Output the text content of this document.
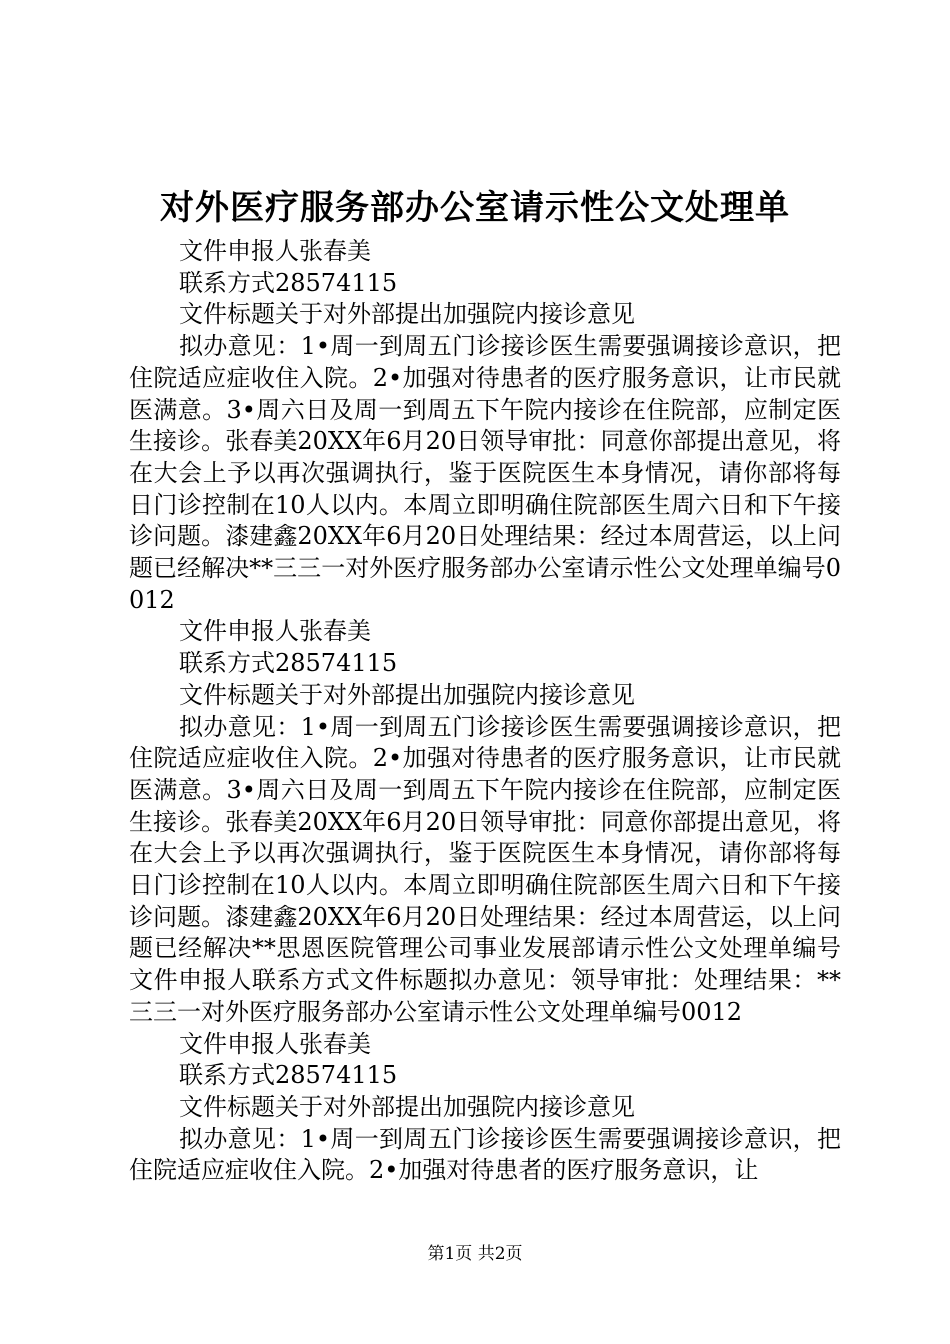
对外医疗服务部办公室请示性公文处理单

文件申报人张春美

联系方式28574115

文件标题关于对外部提出加强院内接诊意见

拟办意见：1•周一到周五门诊接诊医生需要强调接诊意识，把住院适应症收住入院。2•加强对待患者的医疗服务意识，让市民就医满意。3•周六日及周一到周五下午院内接诊在住院部，应制定医生接诊。张春美20XX年6月20日领导审批：同意你部提出意见，将在大会上予以再次强调执行，鉴于医院医生本身情况，请你部将每日门诊控制在10人以内。本周立即明确住院部医生周六日和下午接诊问题。漆建鑫20XX年6月20日处理结果：经过本周营运，以上问题已经解决**三三一对外医疗服务部办公室请示性公文处理单编号0012

文件申报人张春美

联系方式28574115

文件标题关于对外部提出加强院内接诊意见

拟办意见：1•周一到周五门诊接诊医生需要强调接诊意识，把住院适应症收住入院。2•加强对待患者的医疗服务意识，让市民就医满意。3•周六日及周一到周五下午院内接诊在住院部，应制定医生接诊。张春美20XX年6月20日领导审批：同意你部提出意见，将在大会上予以再次强调执行，鉴于医院医生本身情况，请你部将每日门诊控制在10人以内。本周立即明确住院部医生周六日和下午接诊问题。漆建鑫20XX年6月20日处理结果：经过本周营运，以上问题已经解决**思恩医院管理公司事业发展部请示性公文处理单编号文件申报人联系方式文件标题拟办意见：领导审批：处理结果：**三三一对外医疗服务部办公室请示性公文处理单编号0012

文件申报人张春美

联系方式28574115

文件标题关于对外部提出加强院内接诊意见

拟办意见：1•周一到周五门诊接诊医生需要强调接诊意识，把住院适应症收住入院。2•加强对待患者的医疗服务意识，让

第1页 共2页
